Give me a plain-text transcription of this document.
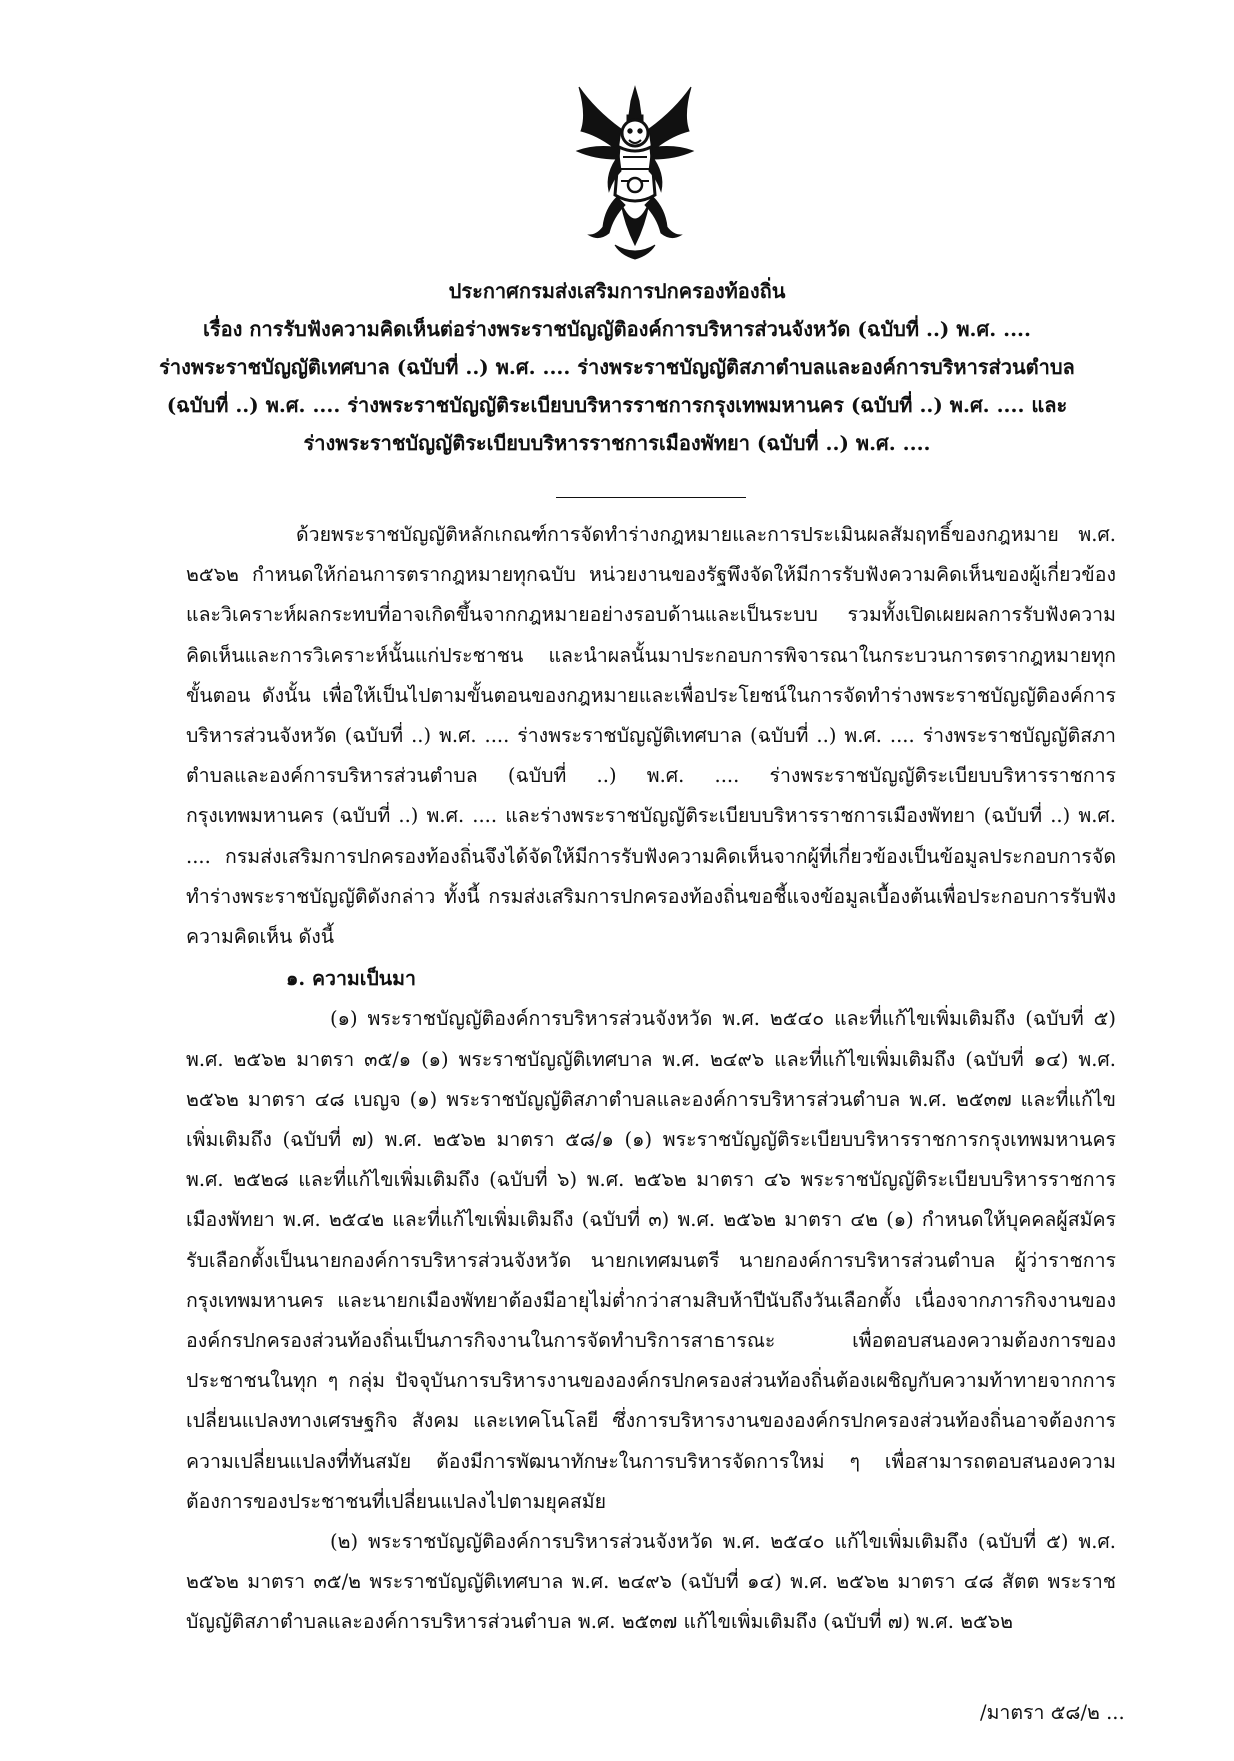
ประกาศกรมส่งเสริมการปกครองท้องถิ่น
เรื่อง การรับฟังความคิดเห็นต่อร่างพระราชบัญญัติองค์การบริหารส่วนจังหวัด (ฉบับที่ ..) พ.ศ. ....
ร่างพระราชบัญญัติเทศบาล (ฉบับที่ ..) พ.ศ. .... ร่างพระราชบัญญัติสภาตำบลและองค์การบริหารส่วนตำบล
(ฉบับที่ ..) พ.ศ. .... ร่างพระราชบัญญัติระเบียบบริหารราชการกรุงเทพมหานคร (ฉบับที่ ..) พ.ศ. .... และ
ร่างพระราชบัญญัติระเบียบบริหารราชการเมืองพัทยา (ฉบับที่ ..) พ.ศ. ....

ด้วยพระราชบัญญัติหลักเกณฑ์การจัดทำร่างกฎหมายและการประเมินผลสัมฤทธิ์ของกฎหมาย พ.ศ. ๒๕๖๒ กำหนดให้ก่อนการตรากฎหมายทุกฉบับ หน่วยงานของรัฐพึงจัดให้มีการรับฟังความคิดเห็นของผู้เกี่ยวข้องและวิเคราะห์ผลกระทบที่อาจเกิดขึ้นจากกฎหมายอย่างรอบด้านและเป็นระบบ รวมทั้งเปิดเผยผลการรับฟังความคิดเห็นและการวิเคราะห์นั้นแก่ประชาชน และนำผลนั้นมาประกอบการพิจารณาในกระบวนการตรากฎหมายทุกขั้นตอน ดังนั้น เพื่อให้เป็นไปตามขั้นตอนของกฎหมายและเพื่อประโยชน์ในการจัดทำร่างพระราชบัญญัติองค์การบริหารส่วนจังหวัด (ฉบับที่ ..) พ.ศ. .... ร่างพระราชบัญญัติเทศบาล (ฉบับที่ ..) พ.ศ. .... ร่างพระราชบัญญัติสภาตำบลและองค์การบริหารส่วนตำบล (ฉบับที่ ..) พ.ศ. .... ร่างพระราชบัญญัติระเบียบบริหารราชการกรุงเทพมหานคร (ฉบับที่ ..) พ.ศ. .... และร่างพระราชบัญญัติระเบียบบริหารราชการเมืองพัทยา (ฉบับที่ ..) พ.ศ. .... กรมส่งเสริมการปกครองท้องถิ่นจึงได้จัดให้มีการรับฟังความคิดเห็นจากผู้ที่เกี่ยวข้องเป็นข้อมูลประกอบการจัดทำร่างพระราชบัญญัติดังกล่าว ทั้งนี้ กรมส่งเสริมการปกครองท้องถิ่นขอชี้แจงข้อมูลเบื้องต้นเพื่อประกอบการรับฟังความคิดเห็น ดังนี้

๑. ความเป็นมา

(๑) พระราชบัญญัติองค์การบริหารส่วนจังหวัด พ.ศ. ๒๕๔๐ และที่แก้ไขเพิ่มเติมถึง (ฉบับที่ ๕) พ.ศ. ๒๕๖๒ มาตรา ๓๕/๑ (๑) พระราชบัญญัติเทศบาล พ.ศ. ๒๔๙๖ และที่แก้ไขเพิ่มเติมถึง (ฉบับที่ ๑๔) พ.ศ. ๒๕๖๒ มาตรา ๔๘ เบญจ (๑) พระราชบัญญัติสภาตำบลและองค์การบริหารส่วนตำบล พ.ศ. ๒๕๓๗ และที่แก้ไขเพิ่มเติมถึง (ฉบับที่ ๗) พ.ศ. ๒๕๖๒ มาตรา ๕๘/๑ (๑) พระราชบัญญัติระเบียบบริหารราชการกรุงเทพมหานคร พ.ศ. ๒๕๒๘ และที่แก้ไขเพิ่มเติมถึง (ฉบับที่ ๖) พ.ศ. ๒๕๖๒ มาตรา ๔๖ พระราชบัญญัติระเบียบบริหารราชการเมืองพัทยา พ.ศ. ๒๕๔๒ และที่แก้ไขเพิ่มเติมถึง (ฉบับที่ ๓) พ.ศ. ๒๕๖๒ มาตรา ๔๒ (๑) กำหนดให้บุคคลผู้สมัครรับเลือกตั้งเป็นนายกองค์การบริหารส่วนจังหวัด นายกเทศมนตรี นายกองค์การบริหารส่วนตำบล ผู้ว่าราชการกรุงเทพมหานคร และนายกเมืองพัทยาต้องมีอายุไม่ต่ำกว่าสามสิบห้าปีนับถึงวันเลือกตั้ง เนื่องจากภารกิจงานขององค์กรปกครองส่วนท้องถิ่นเป็นภารกิจงานในการจัดทำบริการสาธารณะ เพื่อตอบสนองความต้องการของประชาชนในทุก ๆ กลุ่ม ปัจจุบันการบริหารงานขององค์กรปกครองส่วนท้องถิ่นต้องเผชิญกับความท้าทายจากการเปลี่ยนแปลงทางเศรษฐกิจ สังคม และเทคโนโลยี ซึ่งการบริหารงานขององค์กรปกครองส่วนท้องถิ่นอาจต้องการความเปลี่ยนแปลงที่ทันสมัย ต้องมีการพัฒนาทักษะในการบริหารจัดการใหม่ ๆ เพื่อสามารถตอบสนองความต้องการของประชาชนที่เปลี่ยนแปลงไปตามยุคสมัย

(๒) พระราชบัญญัติองค์การบริหารส่วนจังหวัด พ.ศ. ๒๕๔๐ แก้ไขเพิ่มเติมถึง (ฉบับที่ ๕) พ.ศ. ๒๕๖๒ มาตรา ๓๕/๒ พระราชบัญญัติเทศบาล พ.ศ. ๒๔๙๖ (ฉบับที่ ๑๔) พ.ศ. ๒๕๖๒ มาตรา ๔๘ สัตต พระราชบัญญัติสภาตำบลและองค์การบริหารส่วนตำบล พ.ศ. ๒๕๓๗ แก้ไขเพิ่มเติมถึง (ฉบับที่ ๗) พ.ศ. ๒๕๖๒

/มาตรา ๕๘/๒ ...
